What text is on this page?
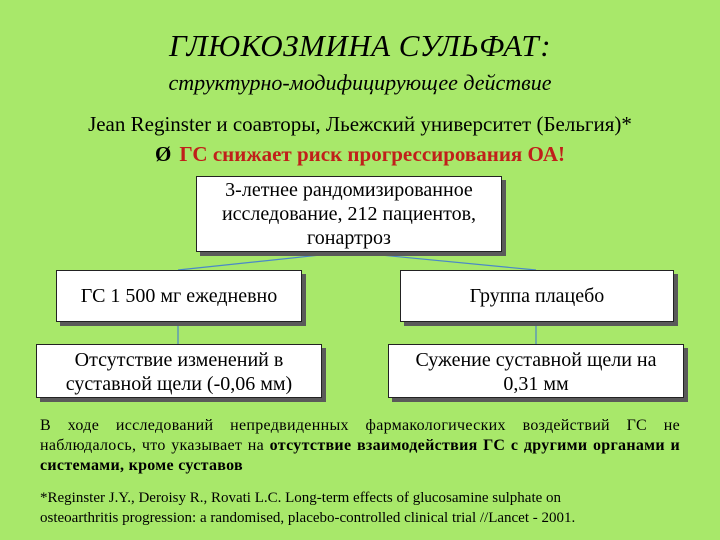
ГЛЮКОЗМИНА СУЛЬФАТ:
структурно-модифицирующее действие
Jean Reginster и соавторы, Льежский университет (Бельгия)*
Ø ГС снижает риск прогрессирования ОА!
3-летнее рандомизированное
исследование, 212 пациентов,
гонартроз
ГС 1 500 мг ежедневно	Группа плацебо
Отсутствие изменений в
суставной щели (-0,06 мм)
Сужение суставной щели на
0,31 мм
В ходе исследований непредвиденных фармакологических воздействий ГС не наблюдалось, что указывает на отсутствие взаимодействия ГС с другими органами и системами, кроме суставов
*Reginster J.Y., Deroisy R., Rovati L.C. Long-term effects of glucosamine sulphate on
osteoarthritis progression: a randomised, placebo-controlled clinical trial //Lancet - 2001.
